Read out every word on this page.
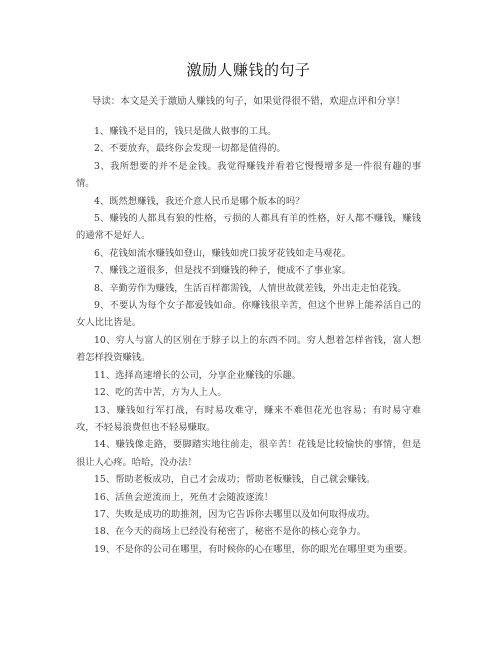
激励人赚钱的句子
导读：本文是关于激励人赚钱的句子，如果觉得很不错，欢迎点评和分享！

1、赚钱不是目的，钱只是做人做事的工具。

2、不要放弃，最终你会发现一切都是值得的。

3、我所想要的并不是金钱。我觉得赚钱并看着它慢慢增多是一件很有趣的事情。

4、既然想赚钱，我还介意人民币是哪个版本的吗？

5、赚钱的人都具有狼的性格，亏损的人都具有羊的性格，好人都不赚钱，赚钱的通常不是好人。

6、花钱如流水赚钱如登山，赚钱如虎口拔牙花钱如走马观花。

7、赚钱之道很多，但是找不到赚钱的种子，便成不了事业家。

8、辛勤劳作为赚钱，生活百样都需钱，人情世故就差钱，外出走走怕花钱。

9、不要认为每个女子都爱钱如命。你赚钱很辛苦，但这个世界上能养活自己的女人比比皆是。

10、穷人与富人的区别在于脖子以上的东西不同。穷人想着怎样省钱，富人想着怎样投资赚钱。

11、选择高速增长的公司，分享企业赚钱的乐趣。

12、吃的苦中苦，方为人上人。

13、赚钱如行军打战，有时易攻难守，赚来不难但花光也容易；有时易守难攻，不轻易浪费但也不轻易赚取。

14、赚钱像走路，要脚踏实地往前走，很辛苦！花钱是比较愉快的事情，但是很让人心疼。哈哈，没办法！

15、帮助老板成功，自己才会成功；帮助老板赚钱，自己就会赚钱。

16、活鱼会逆流而上，死鱼才会随波逐流！

17、失败是成功的助推剂，因为它告诉你去哪里以及如何取得成功。

18、在今天的商场上已经没有秘密了，秘密不是你的核心竞争力。

19、不是你的公司在哪里，有时候你的心在哪里，你的眼光在哪里更为重要。
